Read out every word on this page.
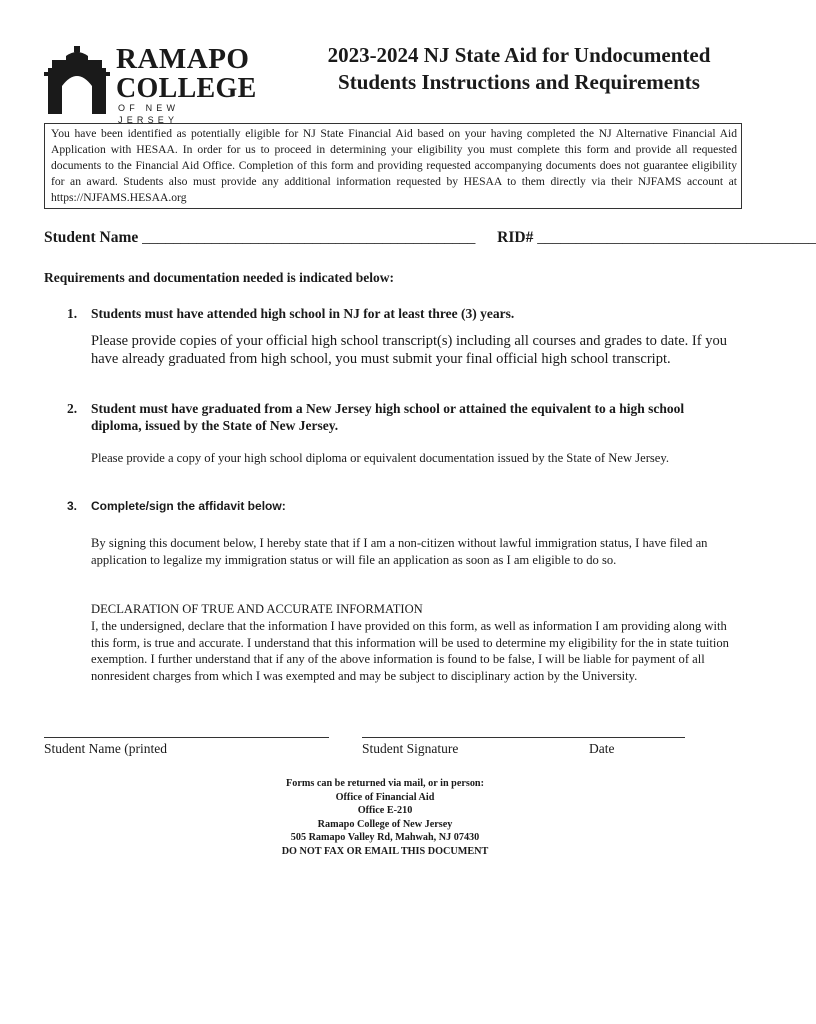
RAMAPO
COLLEGE
OF NEW JERSEY
2023-2024 NJ State Aid for Undocumented
Students Instructions and Requirements
You have been identified as potentially eligible for NJ State Financial Aid based on your having completed the NJ Alternative Financial Aid Application with HESAA. In order for us to proceed in determining your eligibility you must complete this form and provide all requested documents to the Financial Aid Office. Completion of this form and providing requested accompanying documents does not guarantee eligibility for an award. Students also must provide any additional information requested by HESAA to them directly via their NJFAMS account at https://NJFAMS.HESAA.org
Student Name ___________________________________________ RID# ____________________________________
Requirements and documentation needed is indicated below:
1. Students must have attended high school in NJ for at least three (3) years.
Please provide copies of your official high school transcript(s) including all courses and grades to date. If you have already graduated from high school, you must submit your final official high school transcript.
2. Student must have graduated from a New Jersey high school or attained the equivalent to a high school diploma, issued by the State of New Jersey.
Please provide a copy of your high school diploma or equivalent documentation issued by the State of New Jersey.
3. Complete/sign the affidavit below:
By signing this document below, I hereby state that if I am a non-citizen without lawful immigration status, I have filed an application to legalize my immigration status or will file an application as soon as I am eligible to do so.
DECLARATION OF TRUE AND ACCURATE INFORMATION
I, the undersigned, declare that the information I have provided on this form, as well as information I am providing along with this form, is true and accurate. I understand that this information will be used to determine my eligibility for the in state tuition exemption. I further understand that if any of the above information is found to be false, I will be liable for payment of all nonresident charges from which I was exempted and may be subject to disciplinary action by the University.
Student Name (printed	Student Signature	Date
Forms can be returned via mail, or in person:
Office of Financial Aid
Office E-210
Ramapo College of New Jersey
505 Ramapo Valley Rd, Mahwah, NJ 07430
DO NOT FAX OR EMAIL THIS DOCUMENT
